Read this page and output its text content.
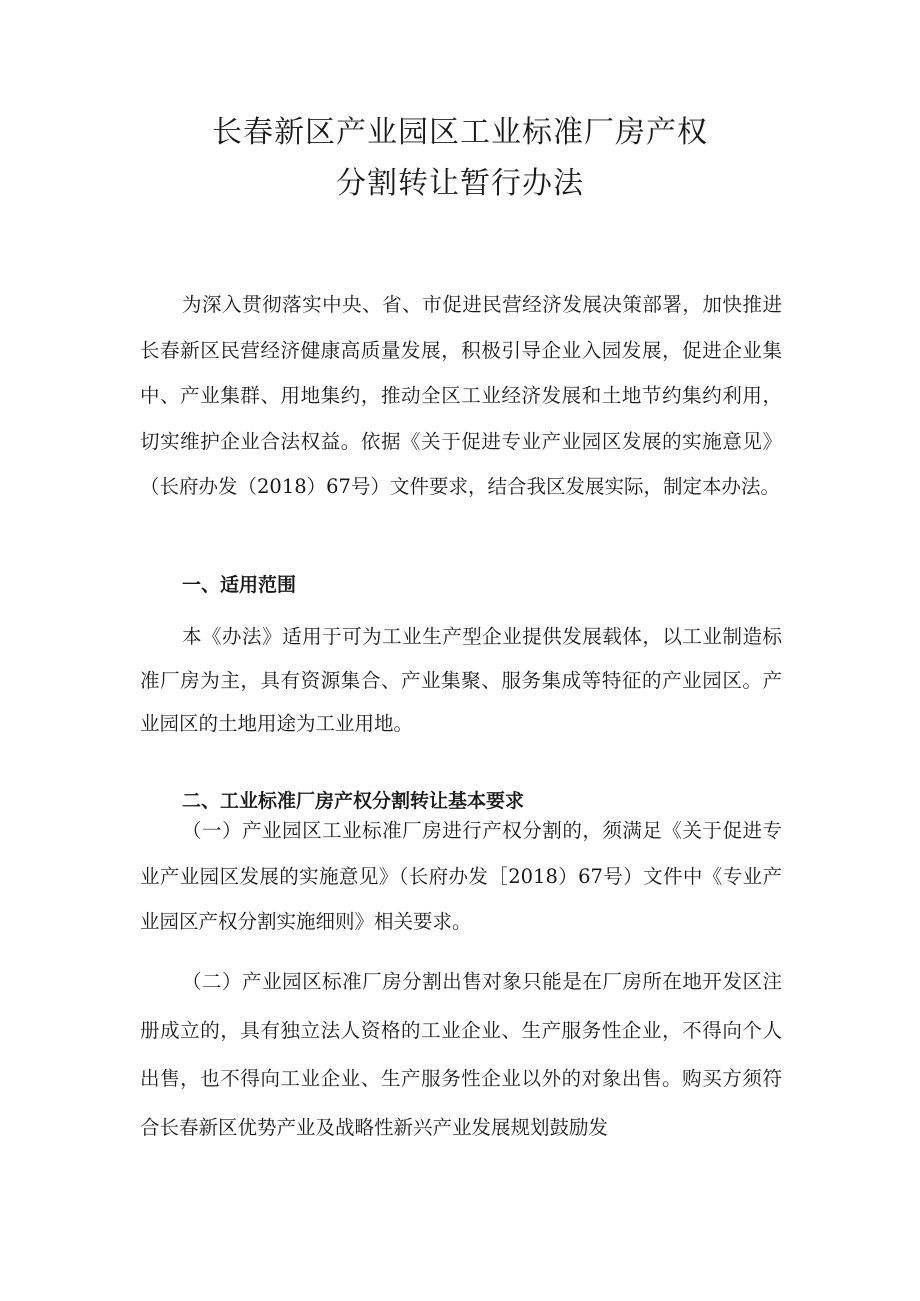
长春新区产业园区工业标准厂房产权
分割转让暂行办法

为深入贯彻落实中央、省、市促进民营经济发展决策部署，加快推进长春新区民营经济健康高质量发展，积极引导企业入园发展，促进企业集中、产业集群、用地集约，推动全区工业经济发展和土地节约集约利用，切实维护企业合法权益。依据《关于促进专业产业园区发展的实施意见》（长府办发（2018）67号）文件要求，结合我区发展实际，制定本办法。

一、适用范围

本《办法》适用于可为工业生产型企业提供发展载体，以工业制造标准厂房为主，具有资源集合、产业集聚、服务集成等特征的产业园区。产业园区的土地用途为工业用地。

二、工业标准厂房产权分割转让基本要求

（一）产业园区工业标准厂房进行产权分割的，须满足《关于促进专业产业园区发展的实施意见》（长府办发［2018）67号）文件中《专业产业园区产权分割实施细则》相关要求。

（二）产业园区标准厂房分割出售对象只能是在厂房所在地开发区注册成立的，具有独立法人资格的工业企业、生产服务性企业，不得向个人出售，也不得向工业企业、生产服务性企业以外的对象出售。购买方须符合长春新区优势产业及战略性新兴产业发展规划鼓励发
